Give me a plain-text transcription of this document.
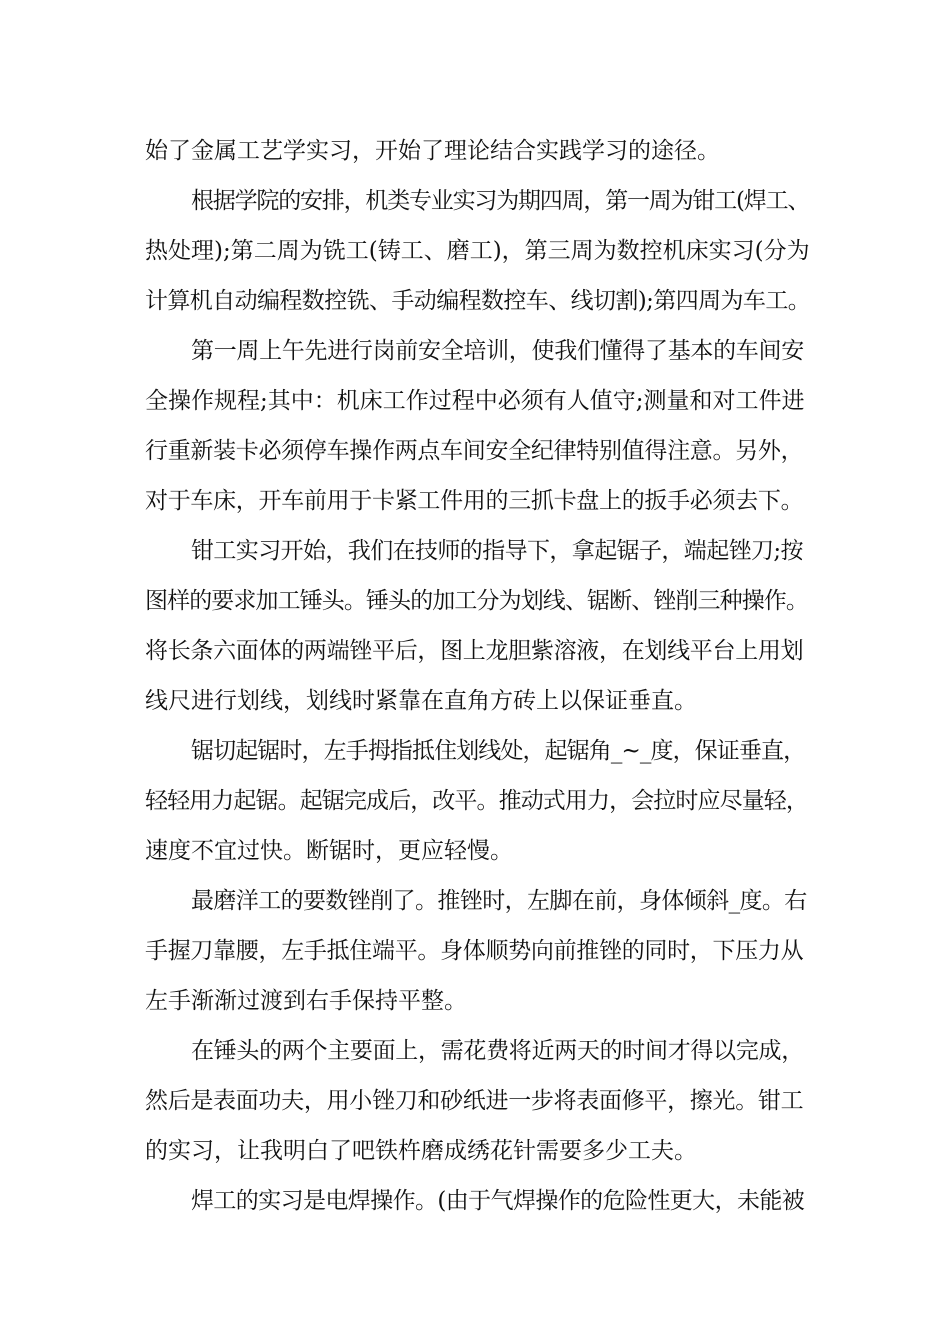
始了金属工艺学实习，开始了理论结合实践学习的途径。
根据学院的安排，机类专业实习为期四周，第一周为钳工(焊工、
热处理);第二周为铣工(铸工、磨工)，第三周为数控机床实习(分为
计算机自动编程数控铣、手动编程数控车、线切割);第四周为车工。
第一周上午先进行岗前安全培训，使我们懂得了基本的车间安
全操作规程;其中：机床工作过程中必须有人值守;测量和对工件进
行重新装卡必须停车操作两点车间安全纪律特别值得注意。另外，
对于车床，开车前用于卡紧工件用的三抓卡盘上的扳手必须去下。
钳工实习开始，我们在技师的指导下，拿起锯子，端起锉刀;按
图样的要求加工锤头。锤头的加工分为划线、锯断、锉削三种操作。
将长条六面体的两端锉平后，图上龙胆紫溶液，在划线平台上用划
线尺进行划线，划线时紧靠在直角方砖上以保证垂直。
锯切起锯时，左手拇指抵住划线处，起锯角_~_度，保证垂直，
轻轻用力起锯。起锯完成后，改平。推动式用力，会拉时应尽量轻，
速度不宜过快。断锯时，更应轻慢。
最磨洋工的要数锉削了。推锉时，左脚在前，身体倾斜_度。右
手握刀靠腰，左手抵住端平。身体顺势向前推锉的同时，下压力从
左手渐渐过渡到右手保持平整。
在锤头的两个主要面上，需花费将近两天的时间才得以完成，
然后是表面功夫，用小锉刀和砂纸进一步将表面修平，擦光。钳工
的实习，让我明白了吧铁杵磨成绣花针需要多少工夫。
焊工的实习是电焊操作。(由于气焊操作的危险性更大，未能被
